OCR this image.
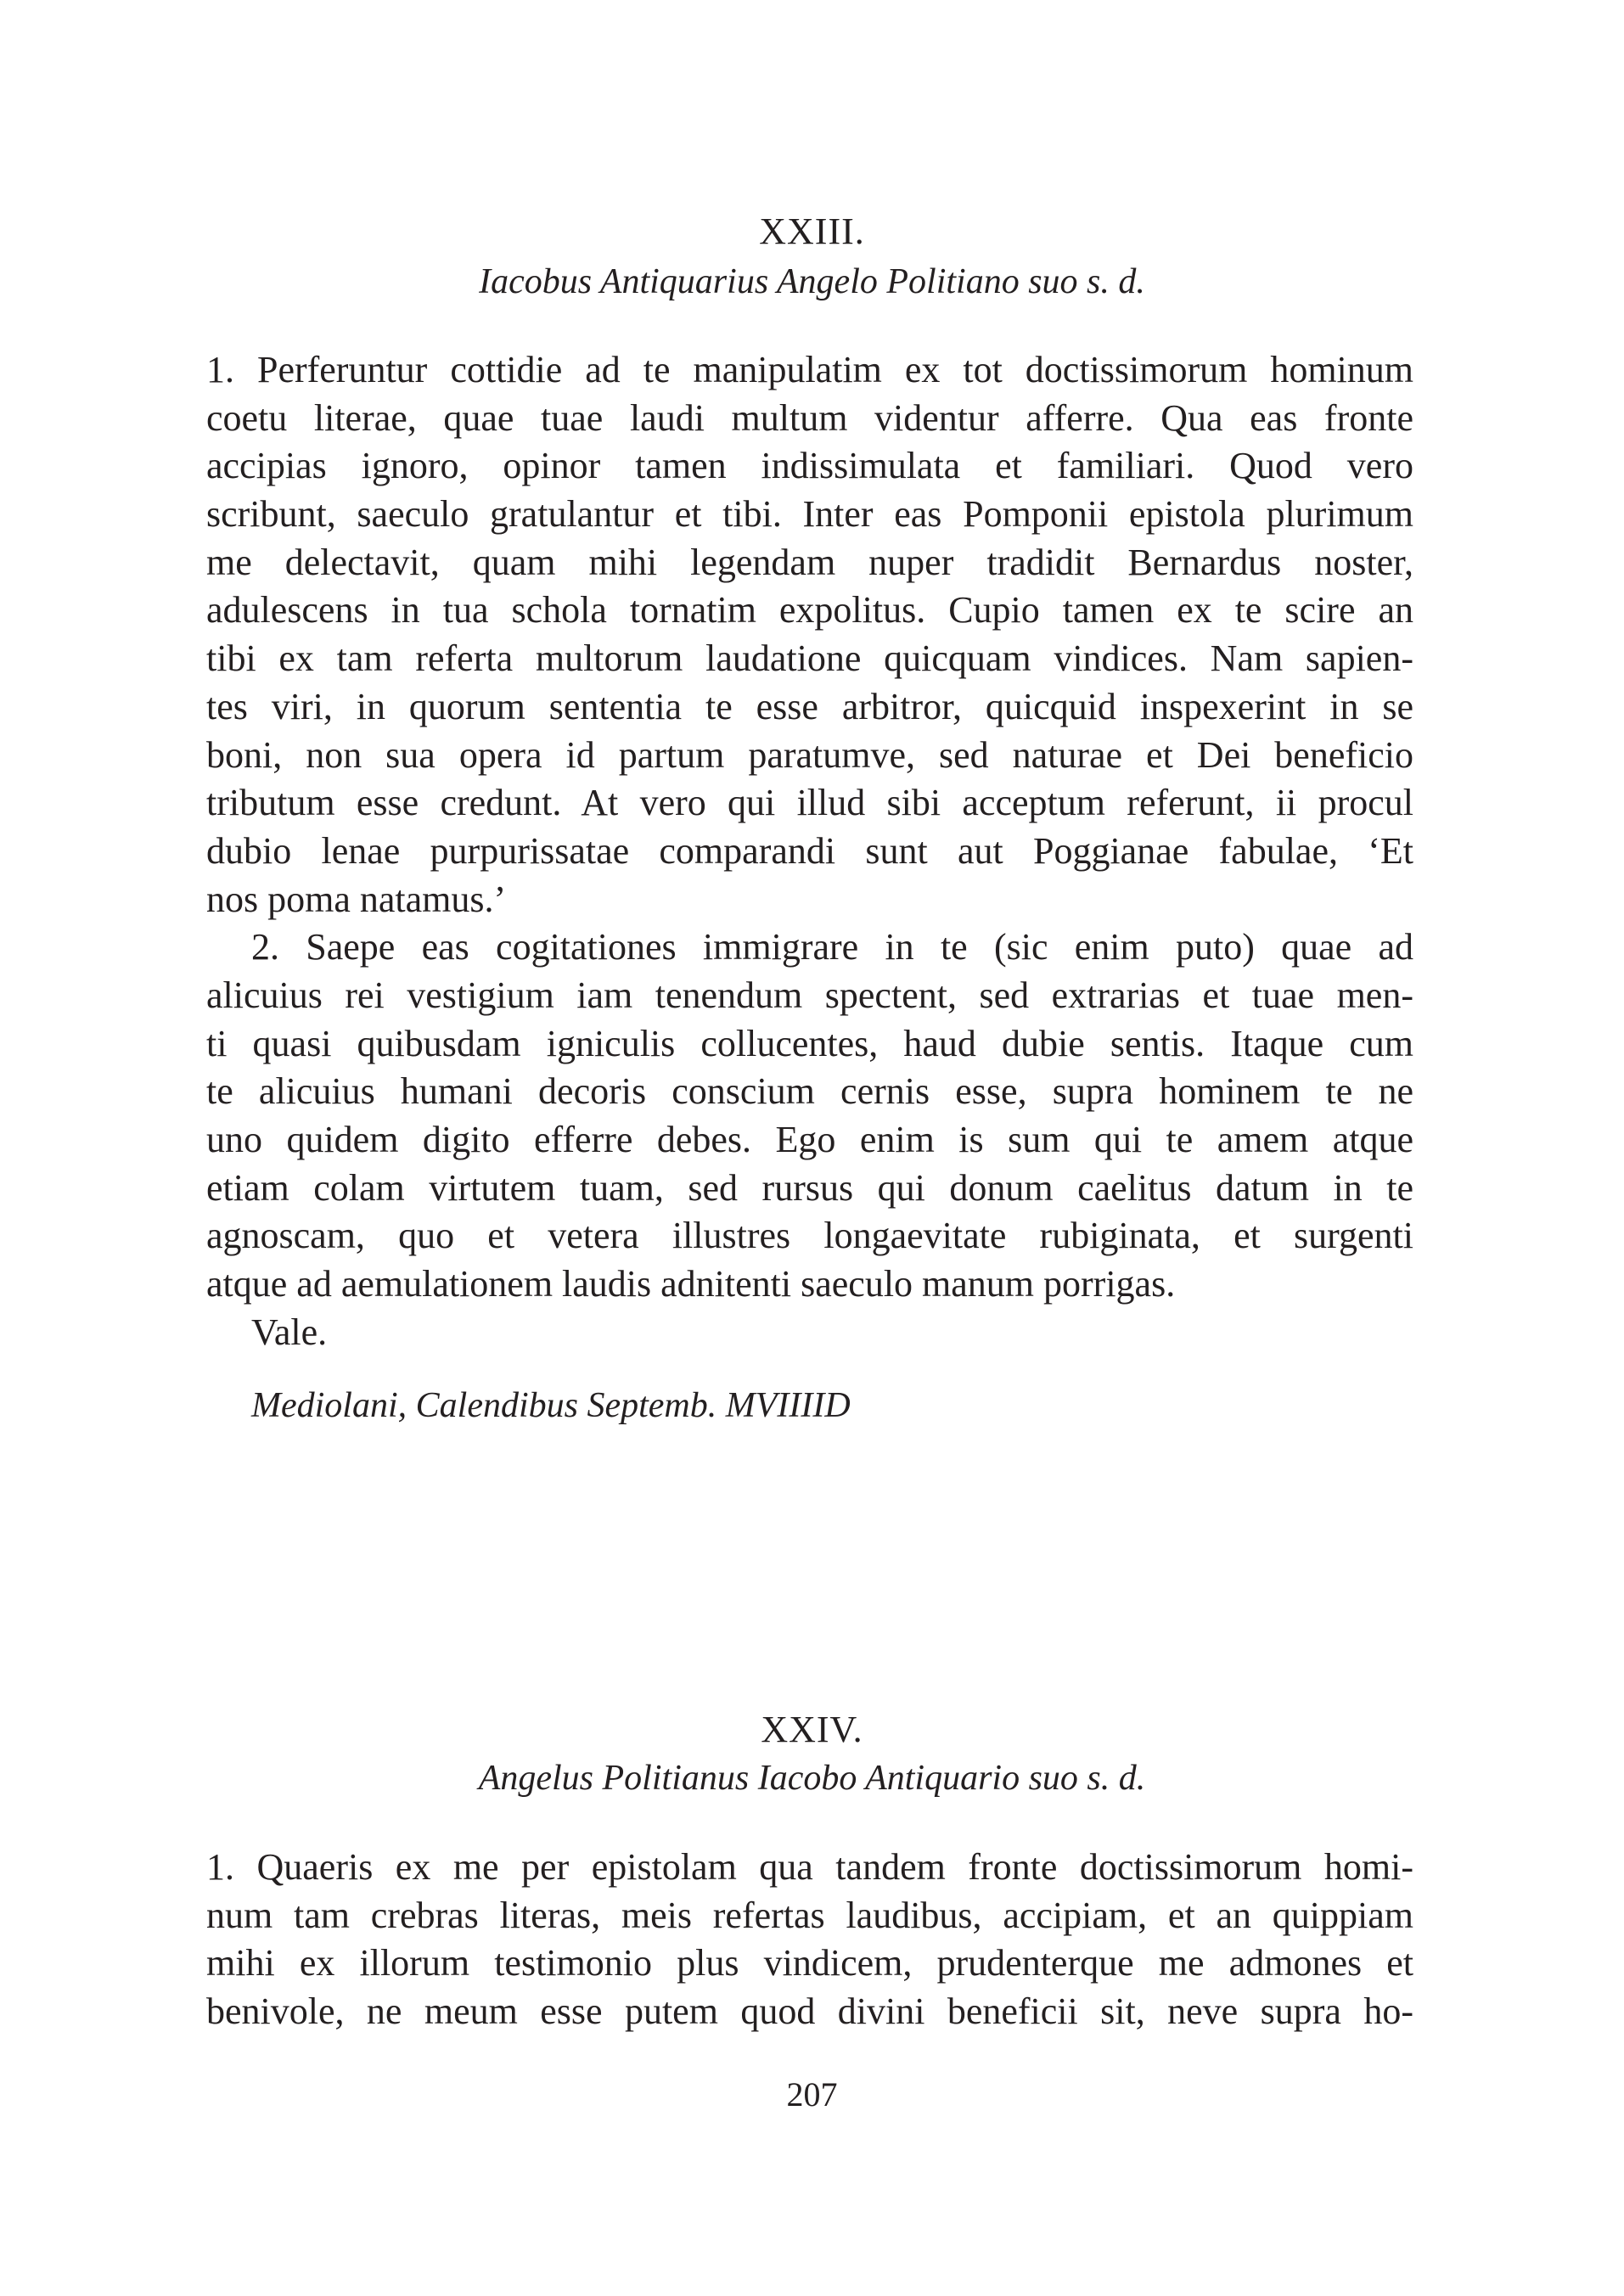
XXIII.
Iacobus Antiquarius Angelo Politiano suo s. d.
1. Perferuntur cottidie ad te manipulatim ex tot doctissimorum hominum
coetu literae, quae tuae laudi multum videntur afferre. Qua eas fronte
accipias ignoro, opinor tamen indissimulata et familiari. Quod vero
scribunt, saeculo gratulantur et tibi. Inter eas Pomponii epistola plurimum
me delectavit, quam mihi legendam nuper tradidit Bernardus noster,
adulescens in tua schola tornatim expolitus. Cupio tamen ex te scire an
tibi ex tam referta multorum laudatione quicquam vindices. Nam sapien-
tes viri, in quorum sententia te esse arbitror, quicquid inspexerint in se
boni, non sua opera id partum paratumve, sed naturae et Dei beneficio
tributum esse credunt. At vero qui illud sibi acceptum referunt, ii procul
dubio lenae purpurissatae comparandi sunt aut Poggianae fabulae, ‘Et
nos poma natamus.’
2. Saepe eas cogitationes immigrare in te (sic enim puto) quae ad
alicuius rei vestigium iam tenendum spectent, sed extrarias et tuae men-
ti quasi quibusdam igniculis collucentes, haud dubie sentis. Itaque cum
te alicuius humani decoris conscium cernis esse, supra hominem te ne
uno quidem digito efferre debes. Ego enim is sum qui te amem atque
etiam colam virtutem tuam, sed rursus qui donum caelitus datum in te
agnoscam, quo et vetera illustres longaevitate rubiginata, et surgenti
atque ad aemulationem laudis adnitenti saeculo manum porrigas.
Vale.
Mediolani, Calendibus Septemb. MVIIIID
XXIV.
Angelus Politianus Iacobo Antiquario suo s. d.
1. Quaeris ex me per epistolam qua tandem fronte doctissimorum homi-
num tam crebras literas, meis refertas laudibus, accipiam, et an quippiam
mihi ex illorum testimonio plus vindicem, prudenterque me admones et
benivole, ne meum esse putem quod divini beneficii sit, neve supra ho-
207
